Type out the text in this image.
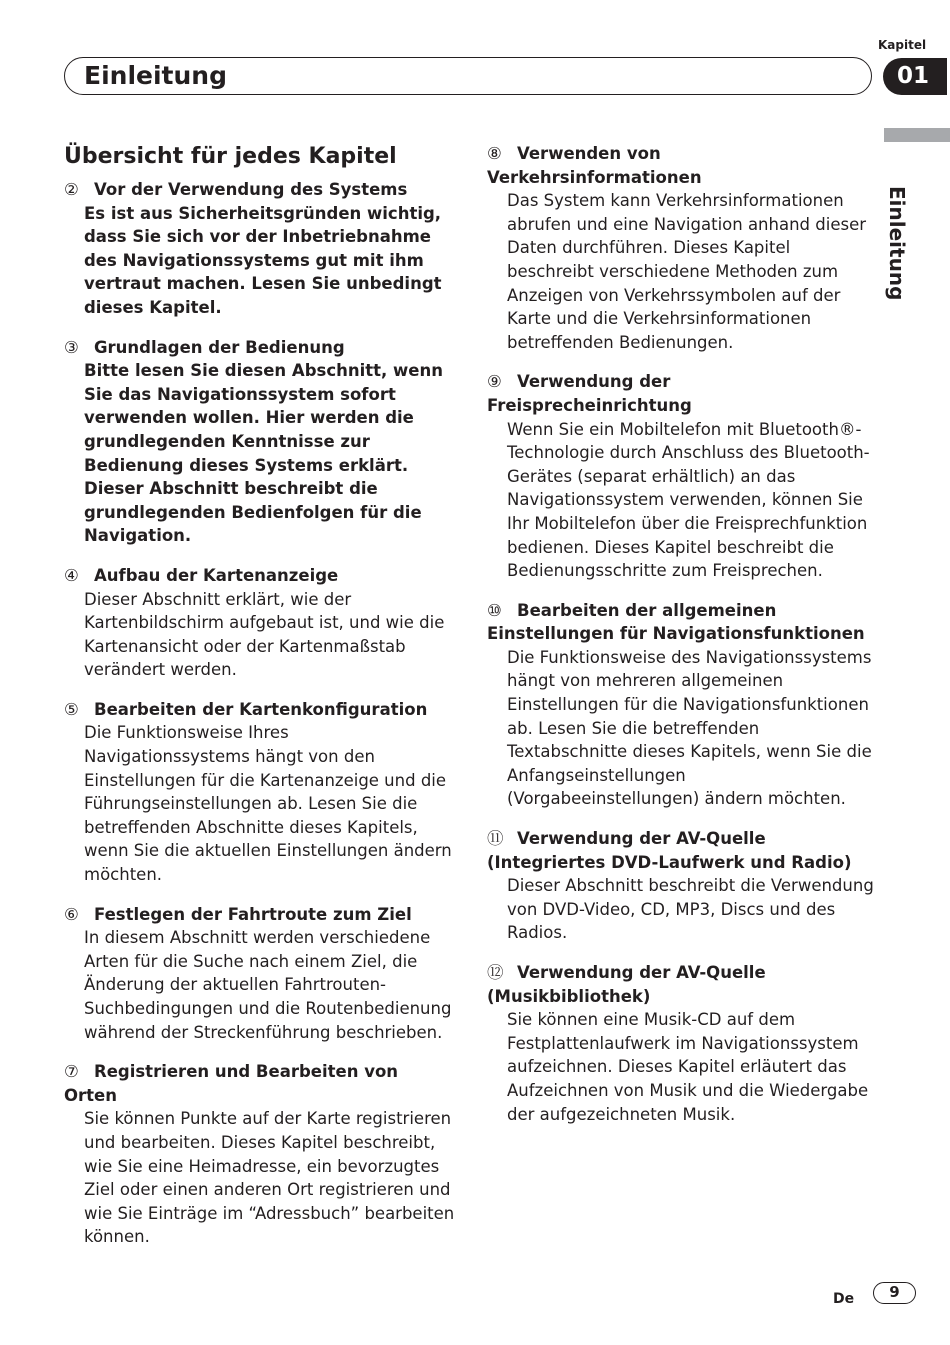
Kapitel
Einleitung	01
Einleitung
Übersicht für jedes Kapitel
② Vor der Verwendung des Systems
Es ist aus Sicherheitsgründen wichtig, dass Sie sich vor der Inbetriebnahme des Navigationssystems gut mit ihm vertraut machen. Lesen Sie unbedingt dieses Kapitel.
③ Grundlagen der Bedienung
Bitte lesen Sie diesen Abschnitt, wenn Sie das Navigationssystem sofort verwenden wollen. Hier werden die grundlegenden Kenntnisse zur Bedienung dieses Systems erklärt.
Dieser Abschnitt beschreibt die grundlegenden Bedienfolgen für die Navigation.
④ Aufbau der Kartenanzeige
Dieser Abschnitt erklärt, wie der Kartenbildschirm aufgebaut ist, und wie die Kartenansicht oder der Kartenmaßstab verändert werden.
⑤ Bearbeiten der Kartenkonfiguration
Die Funktionsweise Ihres Navigationssystems hängt von den Einstellungen für die Kartenanzeige und die Führungseinstellungen ab. Lesen Sie die betreffenden Abschnitte dieses Kapitels, wenn Sie die aktuellen Einstellungen ändern möchten.
⑥ Festlegen der Fahrtroute zum Ziel
In diesem Abschnitt werden verschiedene Arten für die Suche nach einem Ziel, die Änderung der aktuellen Fahrtrouten-Suchbedingungen und die Routenbedienung während der Streckenführung beschrieben.
⑦ Registrieren und Bearbeiten von Orten
Sie können Punkte auf der Karte registrieren und bearbeiten. Dieses Kapitel beschreibt, wie Sie eine Heimadresse, ein bevorzugtes Ziel oder einen anderen Ort registrieren und wie Sie Einträge im “Adressbuch” bearbeiten können.
⑧ Verwenden von Verkehrsinformationen
Das System kann Verkehrsinformationen abrufen und eine Navigation anhand dieser Daten durchführen. Dieses Kapitel beschreibt verschiedene Methoden zum Anzeigen von Verkehrssymbolen auf der Karte und die Verkehrsinformationen betreffenden Bedienungen.
⑨ Verwendung der Freisprecheinrichtung
Wenn Sie ein Mobiltelefon mit Bluetooth®-Technologie durch Anschluss des Bluetooth-Gerätes (separat erhältlich) an das Navigationssystem verwenden, können Sie Ihr Mobiltelefon über die Freisprechfunktion bedienen. Dieses Kapitel beschreibt die Bedienungsschritte zum Freisprechen.
⑩ Bearbeiten der allgemeinen Einstellungen für Navigationsfunktionen
Die Funktionsweise des Navigationssystems hängt von mehreren allgemeinen Einstellungen für die Navigationsfunktionen ab. Lesen Sie die betreffenden Textabschnitte dieses Kapitels, wenn Sie die Anfangseinstellungen (Vorgabeeinstellungen) ändern möchten.
⑪ Verwendung der AV-Quelle (Integriertes DVD-Laufwerk und Radio)
Dieser Abschnitt beschreibt die Verwendung von DVD-Video, CD, MP3, Discs und des Radios.
⑫ Verwendung der AV-Quelle (Musikbibliothek)
Sie können eine Musik-CD auf dem Festplattenlaufwerk im Navigationssystem aufzeichnen. Dieses Kapitel erläutert das Aufzeichnen von Musik und die Wiedergabe der aufgezeichneten Musik.
De	9
